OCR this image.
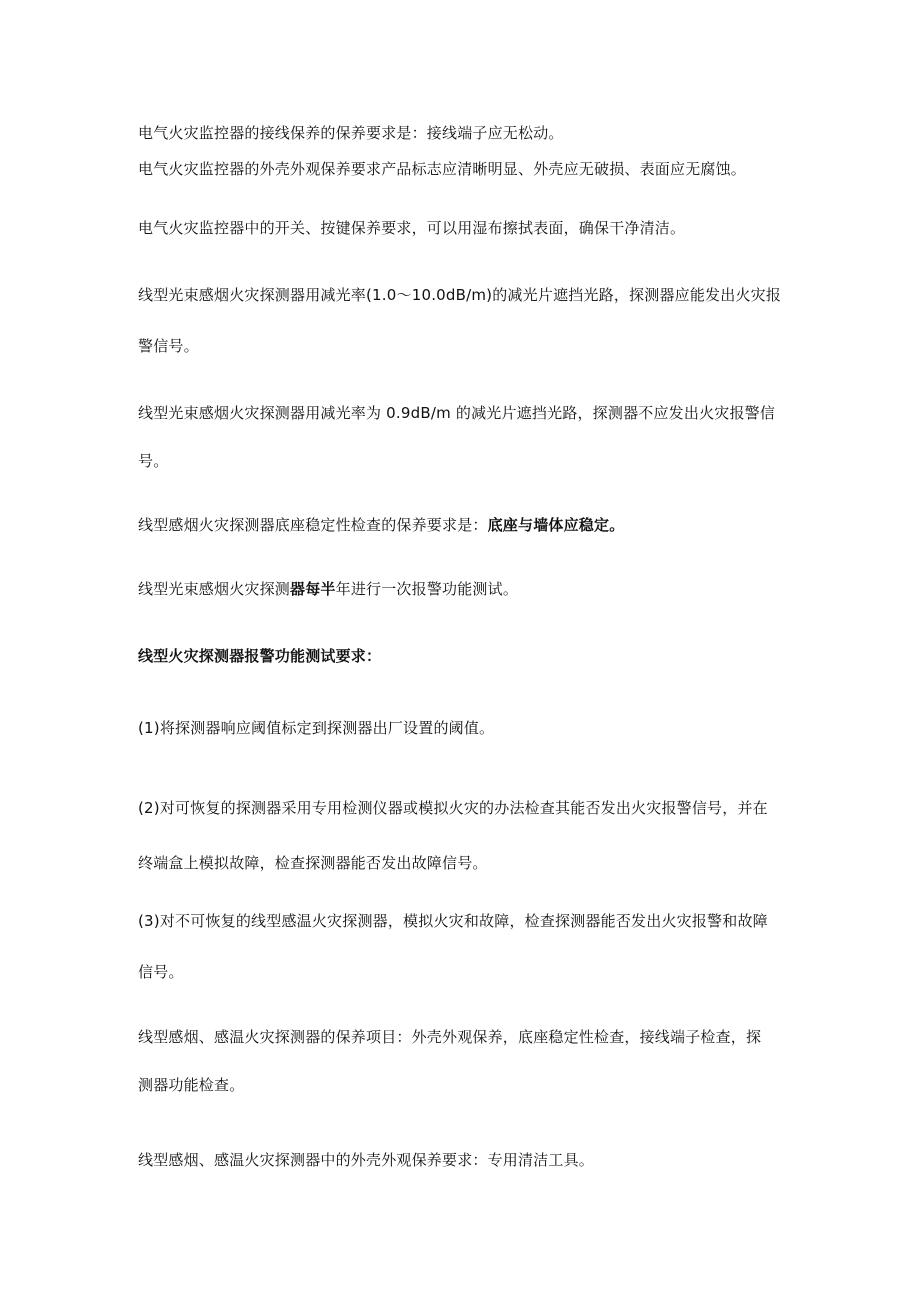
电气火灾监控器的接线保养的保养要求是：接线端子应无松动。
电气火灾监控器的外壳外观保养要求产品标志应清晰明显、外壳应无破损、表面应无腐蚀。
电气火灾监控器中的开关、按键保养要求，可以用湿布擦拭表面，确保干净清洁。
线型光束感烟火灾探测器用减光率(1.0～10.0dB/m)的减光片遮挡光路，探测器应能发出火灾报
警信号。
线型光束感烟火灾探测器用减光率为 0.9dB/m 的减光片遮挡光路，探测器不应发出火灾报警信
号。
线型感烟火灾探测器底座稳定性检查的保养要求是：底座与墙体应稳定。
线型光束感烟火灾探测器每半年进行一次报警功能测试。
线型火灾探测器报警功能测试要求：
(1)将探测器响应阈值标定到探测器出厂设置的阈值。
(2)对可恢复的探测器采用专用检测仪器或模拟火灾的办法检查其能否发出火灾报警信号，并在
终端盒上模拟故障，检查探测器能否发出故障信号。
(3)对不可恢复的线型感温火灾探测器，模拟火灾和故障，检查探测器能否发出火灾报警和故障
信号。
线型感烟、感温火灾探测器的保养项目：外壳外观保养，底座稳定性检查，接线端子检查，探
测器功能检查。
线型感烟、感温火灾探测器中的外壳外观保养要求：专用清洁工具。
